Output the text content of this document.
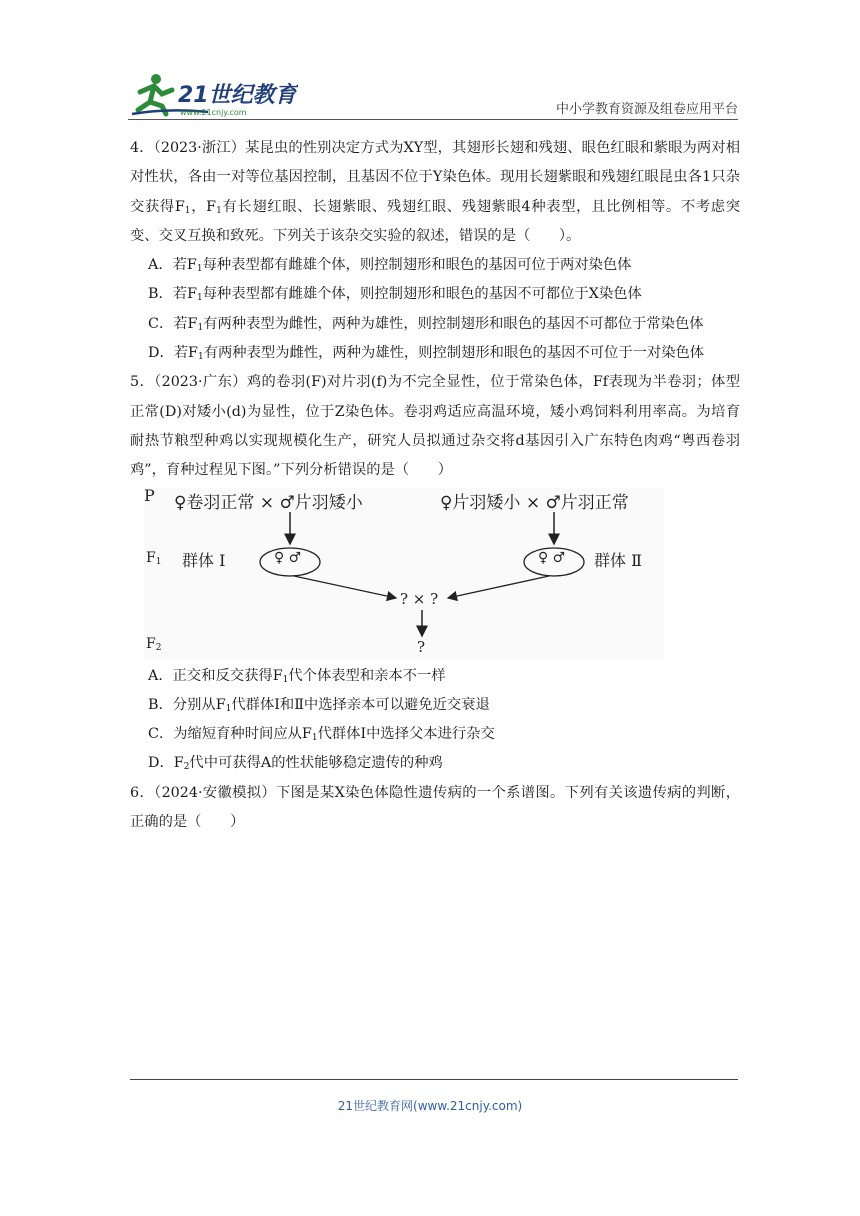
21世纪教育
www.21cnjy.com	中小学教育资源及组卷应用平台

4．（2023·浙江）某昆虫的性别决定方式为XY型，其翅形长翅和残翅、眼色红眼和紫眼为两对相对性状，各由一对等位基因控制，且基因不位于Y染色体。现用长翅紫眼和残翅红眼昆虫各1只杂交获得$F_1$，$F_1$有长翅红眼、长翅紫眼、残翅红眼、残翅紫眼4种表型，且比例相等。不考虑突变、交叉互换和致死。下列关于该杂交实验的叙述，错误的是（　　）。

A．若$F_1$每种表型都有雌雄个体，则控制翅形和眼色的基因可位于两对染色体

B．若$F_1$每种表型都有雌雄个体，则控制翅形和眼色的基因不可都位于X染色体

C．若$F_1$有两种表型为雌性，两种为雄性，则控制翅形和眼色的基因不可都位于常染色体

D．若$F_1$有两种表型为雌性，两种为雄性，则控制翅形和眼色的基因不可位于一对染色体

5．（2023·广东）鸡的卷羽(F)对片羽(f)为不完全显性，位于常染色体，Ff表现为半卷羽；体型正常(D)对矮小(d)为显性，位于Z染色体。卷羽鸡适应高温环境，矮小鸡饲料利用率高。为培育耐热节粮型种鸡以实现规模化生产，研究人员拟通过杂交将d基因引入广东特色肉鸡“粤西卷羽鸡”，育种过程见下图。”下列分析错误的是（　　）

P ♀卷羽正常 × ♂片羽矮小	♀片羽矮小 × ♂片羽正常
$F_1$ 群体 Ⅰ	♀ ♂	♀ ♂ 群体 Ⅱ
? × ?
$F_2$	?

A．正交和反交获得$F_1$代个体表型和亲本不一样

B．分别从$F_1$代群体Ⅰ和Ⅱ中选择亲本可以避免近交衰退

C．为缩短育种时间应从$F_1$代群体Ⅰ中选择父本进行杂交

D．$F_2$代中可获得A的性状能够稳定遗传的种鸡

6．（2024·安徽模拟）下图是某X染色体隐性遗传病的一个系谱图。下列有关该遗传病的判断，正确的是（　　）

21世纪教育网(www.21cnjy.com)
